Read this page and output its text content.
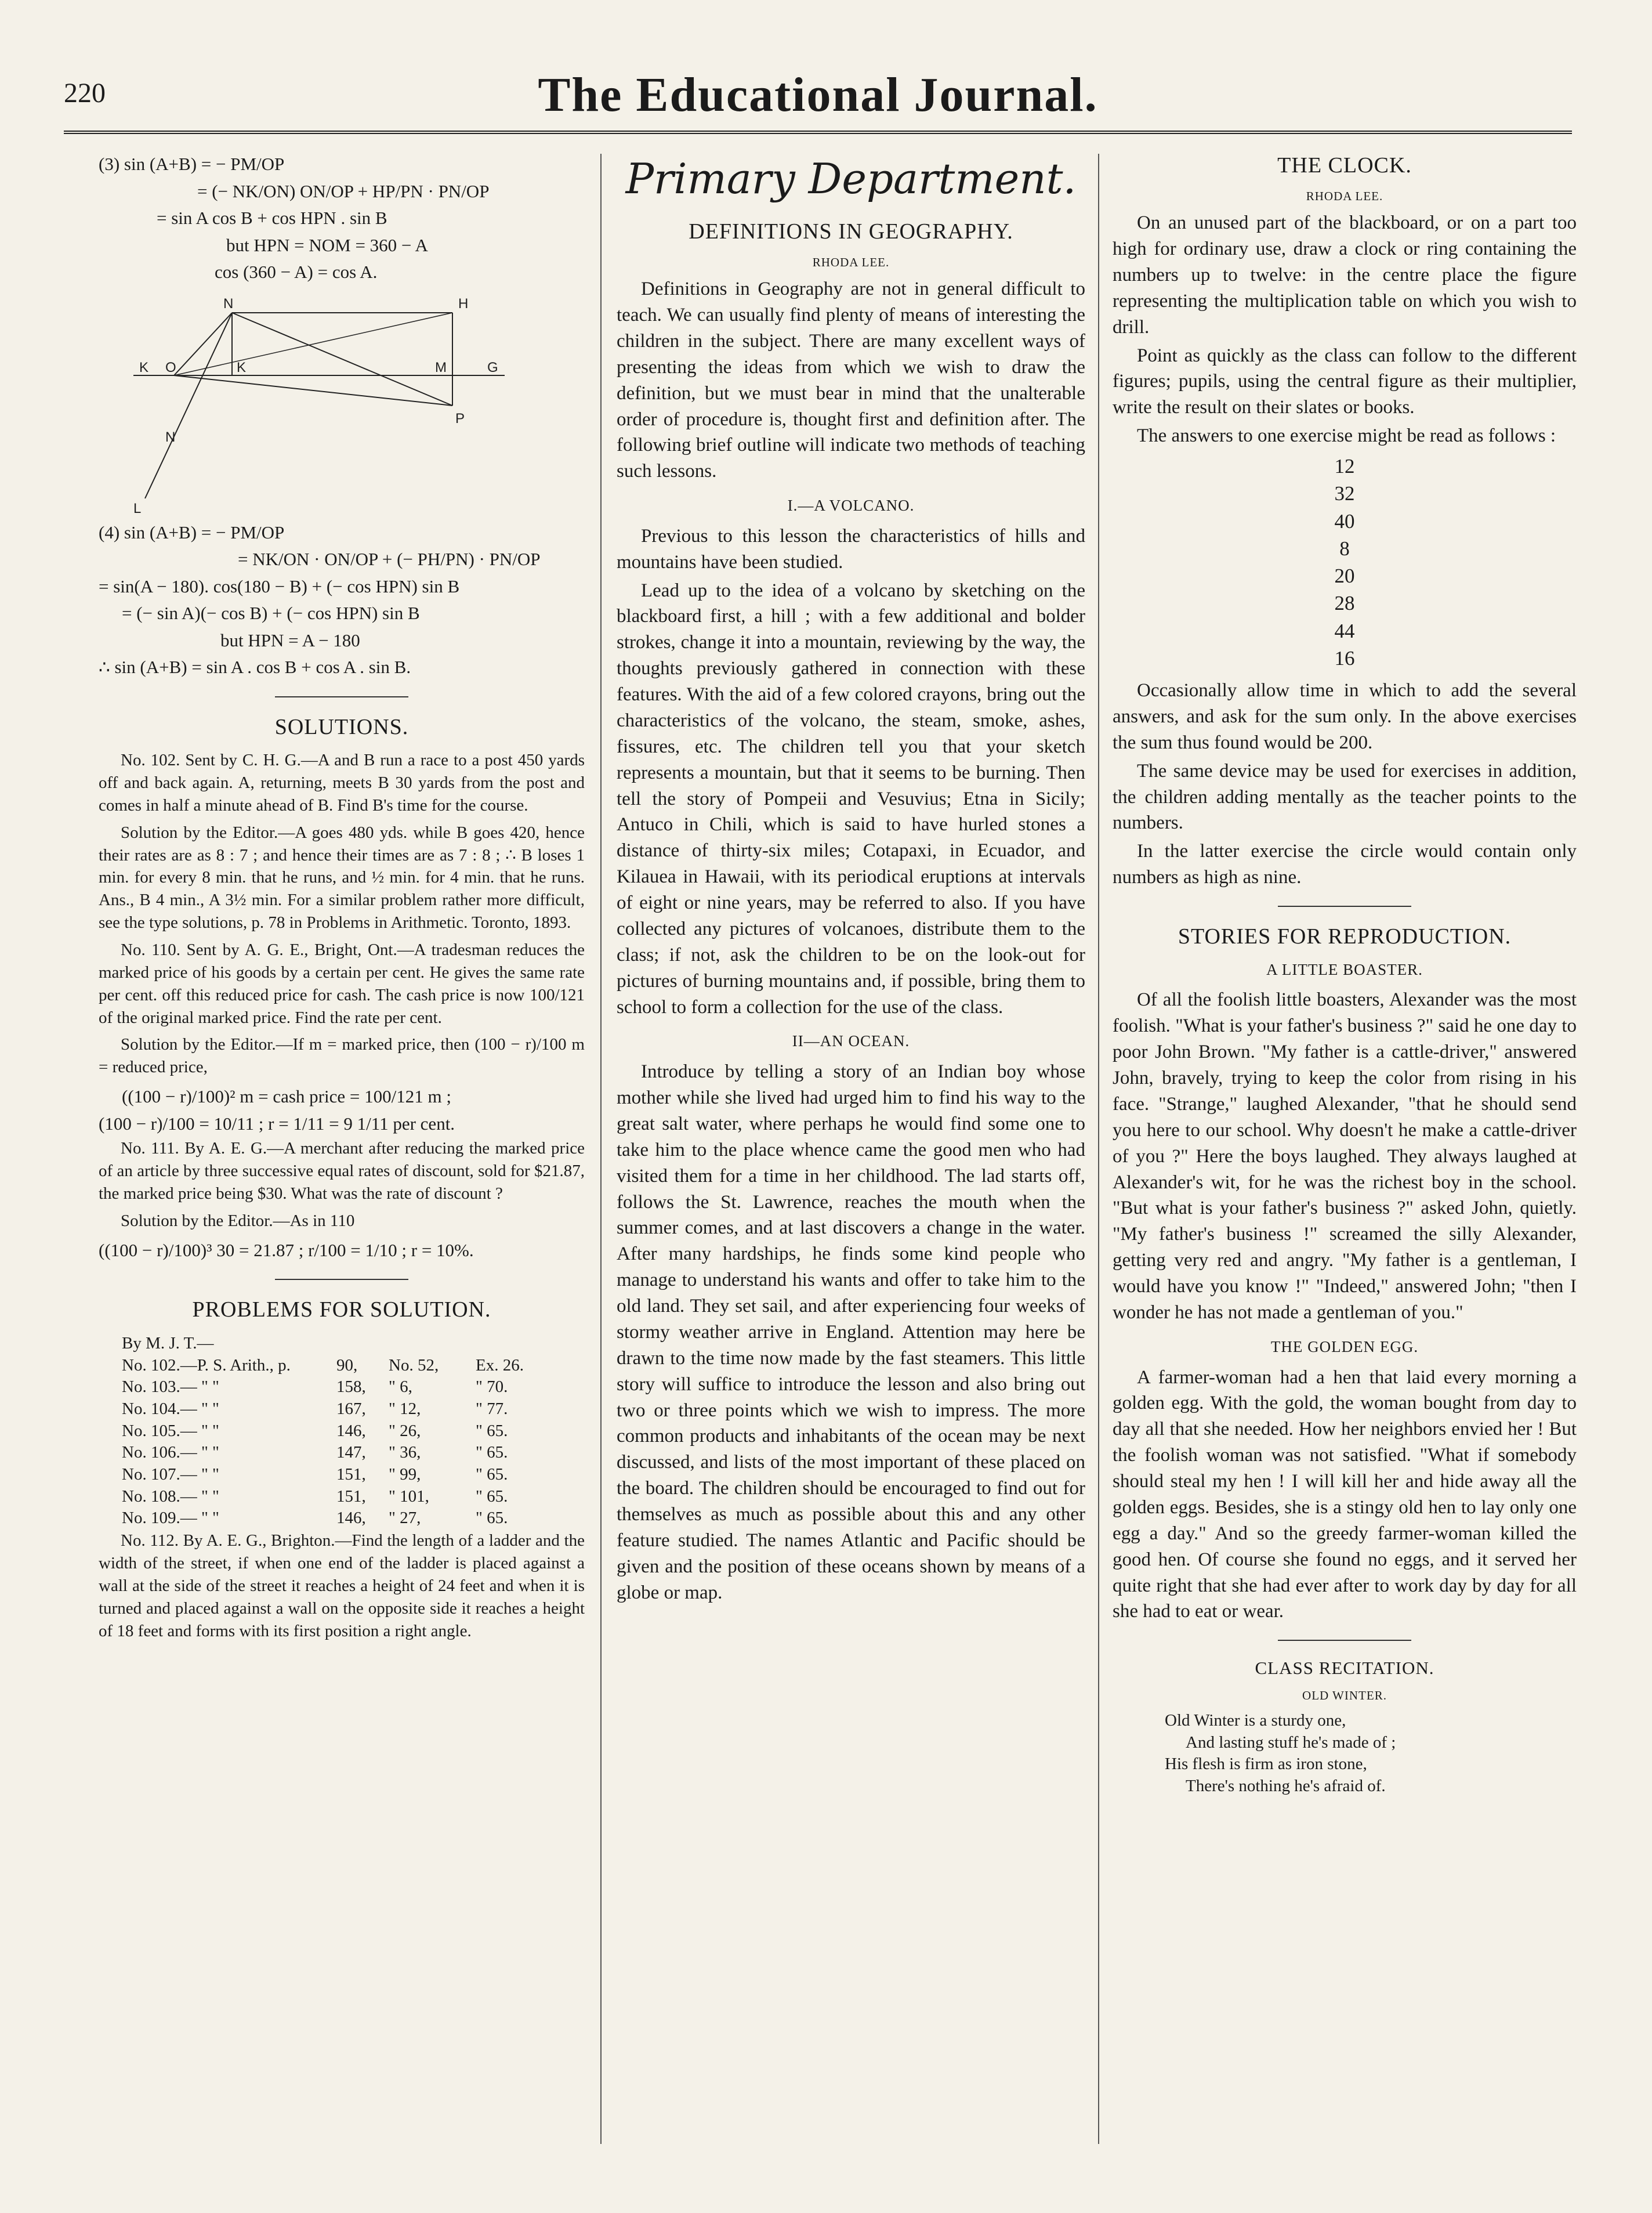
220	The Educational Journal.
(3) sin (A+B) = − PM/OP
= (− NK/ON) ON/OP + HP/PN · PN/OP
= sin A cos B + cos HPN . sin B
but HPN = NOM = 360 − A
cos (360 − A) = cos A.
N	H
K O	K	M	G
N
P
L
(4) sin (A+B) = − PM/OP
= NK/ON · ON/OP + (− PH/PN) · PN/OP
= sin(A − 180). cos(180 − B) + (− cos HPN) sin B
= (− sin A)(− cos B) + (− cos HPN) sin B
but HPN = A − 180
∴ sin (A+B) = sin A . cos B + cos A . sin B.
SOLUTIONS.

No. 102. Sent by C. H. G.—A and B run a race to a post 450 yards off and back again. A, returning, meets B 30 yards from the post and comes in half a minute ahead of B. Find B's time for the course.

Solution by the Editor.—A goes 480 yds. while B goes 420, hence their rates are as 8 : 7 ; and hence their times are as 7 : 8 ; ∴ B loses 1 min. for every 8 min. that he runs, and ½ min. for 4 min. that he runs. Ans., B 4 min., A 3½ min. For a similar problem rather more difficult, see the type solutions, p. 78 in Problems in Arithmetic. Toronto, 1893.

No. 110. Sent by A. G. E., Bright, Ont.—A tradesman reduces the marked price of his goods by a certain per cent. He gives the same rate per cent. off this reduced price for cash. The cash price is now 100/121 of the original marked price. Find the rate per cent.

Solution by the Editor.—If m = marked price, then (100 − r)/100 m = reduced price,

((100 − r)/100)² m = cash price = 100/121 m ;
(100 − r)/100 = 10/11 ; r = 1/11 = 9 1/11 per cent.

No. 111. By A. E. G.—A merchant after reducing the marked price of an article by three successive equal rates of discount, sold for $21.87, the marked price being $30. What was the rate of discount ?

Solution by the Editor.—As in 110

((100 − r)/100)³ 30 = 21.87 ; r/100 = 1/10 ; r = 10%.
PROBLEMS FOR SOLUTION.
By M. J. T.—
No. 102.—P. S. Arith., p.	90,	No. 52,	Ex. 26.
No. 103.— " "	158,	" 6,	" 70.
No. 104.— " "	167,	" 12,	" 77.
No. 105.— " "	146,	" 26,	" 65.
No. 106.— " "	147,	" 36,	" 65.
No. 107.— " "	151,	" 99,	" 65.
No. 108.— " "	151,	" 101,	" 65.
No. 109.— " "	146,	" 27,	" 65.

No. 112. By A. E. G., Brighton.—Find the length of a ladder and the width of the street, if when one end of the ladder is placed against a wall at the side of the street it reaches a height of 24 feet and when it is turned and placed against a wall on the opposite side it reaches a height of 18 feet and forms with its first position a right angle.

Primary Department.
DEFINITIONS IN GEOGRAPHY.
RHODA LEE.

Definitions in Geography are not in general difficult to teach. We can usually find plenty of means of interesting the children in the subject. There are many excellent ways of presenting the ideas from which we wish to draw the definition, but we must bear in mind that the unalterable order of procedure is, thought first and definition after. The following brief outline will indicate two methods of teaching such lessons.

I.—A VOLCANO.

Previous to this lesson the characteristics of hills and mountains have been studied.

Lead up to the idea of a volcano by sketching on the blackboard first, a hill ; with a few additional and bolder strokes, change it into a mountain, reviewing by the way, the thoughts previously gathered in connection with these features. With the aid of a few colored crayons, bring out the characteristics of the volcano, the steam, smoke, ashes, fissures, etc. The children tell you that your sketch represents a mountain, but that it seems to be burning. Then tell the story of Pompeii and Vesuvius; Etna in Sicily; Antuco in Chili, which is said to have hurled stones a distance of thirty-six miles; Cotapaxi, in Ecuador, and Kilauea in Hawaii, with its periodical eruptions at intervals of eight or nine years, may be referred to also. If you have collected any pictures of volcanoes, distribute them to the class; if not, ask the children to be on the look-out for pictures of burning mountains and, if possible, bring them to school to form a collection for the use of the class.

II—AN OCEAN.

Introduce by telling a story of an Indian boy whose mother while she lived had urged him to find his way to the great salt water, where perhaps he would find some one to take him to the place whence came the good men who had visited them for a time in her childhood. The lad starts off, follows the St. Lawrence, reaches the mouth when the summer comes, and at last discovers a change in the water. After many hardships, he finds some kind people who manage to understand his wants and offer to take him to the old land. They set sail, and after experiencing four weeks of stormy weather arrive in England. Attention may here be drawn to the time now made by the fast steamers. This little story will suffice to introduce the lesson and also bring out two or three points which we wish to impress. The more common products and inhabitants of the ocean may be next discussed, and lists of the most important of these placed on the board. The children should be encouraged to find out for themselves as much as possible about this and any other feature studied. The names Atlantic and Pacific should be given and the position of these oceans shown by means of a globe or map.

THE CLOCK.
RHODA LEE.

On an unused part of the blackboard, or on a part too high for ordinary use, draw a clock or ring containing the numbers up to twelve: in the centre place the figure representing the multiplication table on which you wish to drill.

Point as quickly as the class can follow to the different figures; pupils, using the central figure as their multiplier, write the result on their slates or books.

The answers to one exercise might be read as follows :

12
32
40
8
20
28
44
16

Occasionally allow time in which to add the several answers, and ask for the sum only. In the above exercises the sum thus found would be 200.

The same device may be used for exercises in addition, the children adding mentally as the teacher points to the numbers.

In the latter exercise the circle would contain only numbers as high as nine.

STORIES FOR REPRODUCTION.
A LITTLE BOASTER.

Of all the foolish little boasters, Alexander was the most foolish. "What is your father's business ?" said he one day to poor John Brown. "My father is a cattle-driver," answered John, bravely, trying to keep the color from rising in his face. "Strange," laughed Alexander, "that he should send you here to our school. Why doesn't he make a cattle-driver of you ?" Here the boys laughed. They always laughed at Alexander's wit, for he was the richest boy in the school. "But what is your father's business ?" asked John, quietly. "My father's business !" screamed the silly Alexander, getting very red and angry. "My father is a gentleman, I would have you know !" "Indeed," answered John; "then I wonder he has not made a gentleman of you."

THE GOLDEN EGG.

A farmer-woman had a hen that laid every morning a golden egg. With the gold, the woman bought from day to day all that she needed. How her neighbors envied her ! But the foolish woman was not satisfied. "What if somebody should steal my hen ! I will kill her and hide away all the golden eggs. Besides, she is a stingy old hen to lay only one egg a day." And so the greedy farmer-woman killed the good hen. Of course she found no eggs, and it served her quite right that she had ever after to work day by day for all she had to eat or wear.

CLASS RECITATION.
OLD WINTER.
Old Winter is a sturdy one,
And lasting stuff he's made of ;
His flesh is firm as iron stone,
There's nothing he's afraid of.
